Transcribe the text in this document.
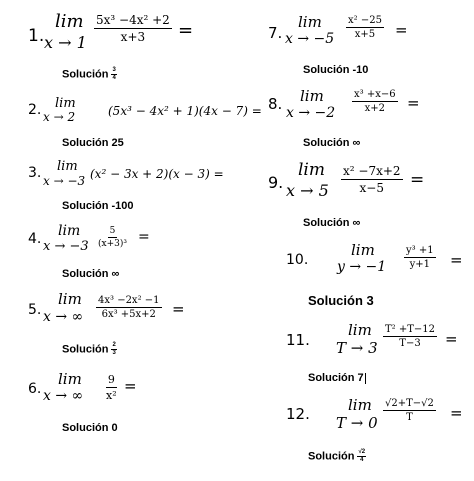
1.
lim
$x \to 1 \frac{\text{5x³ −4x² +2}}{x+3}$ =
Solución $\frac{3}{4}$
2. lim
x → 2	(5x³ − 4x² + 1)(4x − 7) =
Solución 25
3. lim
x → −3 (x² − 3x + 2)(x − 3) =
Solución -100
4. lim
$x \to -3 \frac{5}{\text{(x+3)³}}$ =
Solución ∞
5.
lim
x → ∞ $\frac{\text{4x³ −2x² −1}}{\text{6x³ +5x+2}}$ =
Solución $\frac{2}{3}$
6.
lim
x → ∞ $\frac{9}{\text{x²}}$ =
Solución 0
7.
lim
$x \to -5 \frac{\text{x² −25}}{x+5}$ =
Solución -10
8. lim
$x \to -2 \frac{\text{x³ +x−6}}{x+2}$ =
Solución ∞
9.
lim
$x \to 5 \frac{\text{x² −7x+2}}{x-5}$ =
Solución ∞
10.
lim
$y \to -1 \frac{\text{y³ +1}}{y+1}$ =
Solución 3
11.
lim
$T \to 3 \frac{\text{T² +T−12}}{T-3}$ =
Solución 7
12.	lim
$T \to 0 \frac{√2+T-√2}{T}$ =
Solución $\frac{√2}{4}$
